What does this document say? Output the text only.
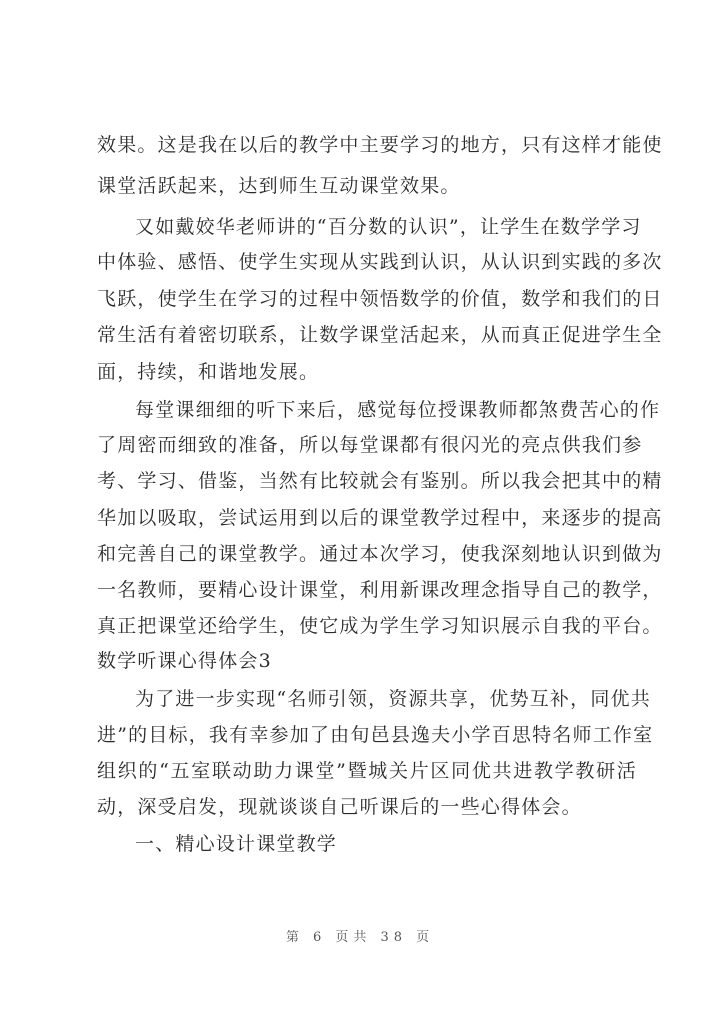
效果。这是我在以后的教学中主要学习的地方，只有这样才能使
课堂活跃起来，达到师生互动课堂效果。
又如戴姣华老师讲的“百分数的认识”，让学生在数学学习
中体验、感悟、使学生实现从实践到认识，从认识到实践的多次
飞跃，使学生在学习的过程中领悟数学的价值，数学和我们的日
常生活有着密切联系，让数学课堂活起来，从而真正促进学生全
面，持续，和谐地发展。
每堂课细细的听下来后，感觉每位授课教师都煞费苦心的作
了周密而细致的准备，所以每堂课都有很闪光的亮点供我们参
考、学习、借鉴，当然有比较就会有鉴别。所以我会把其中的精
华加以吸取，尝试运用到以后的课堂教学过程中，来逐步的提高
和完善自己的课堂教学。通过本次学习，使我深刻地认识到做为
一名教师，要精心设计课堂，利用新课改理念指导自己的教学，
真正把课堂还给学生，使它成为学生学习知识展示自我的平台。
数学听课心得体会3
为了进一步实现“名师引领，资源共享，优势互补，同优共
进”的目标，我有幸参加了由旬邑县逸夫小学百思特名师工作室
组织的“五室联动助力课堂”暨城关片区同优共进教学教研活
动，深受启发，现就谈谈自己听课后的一些心得体会。
一、精心设计课堂教学
第 6 页共 38 页
